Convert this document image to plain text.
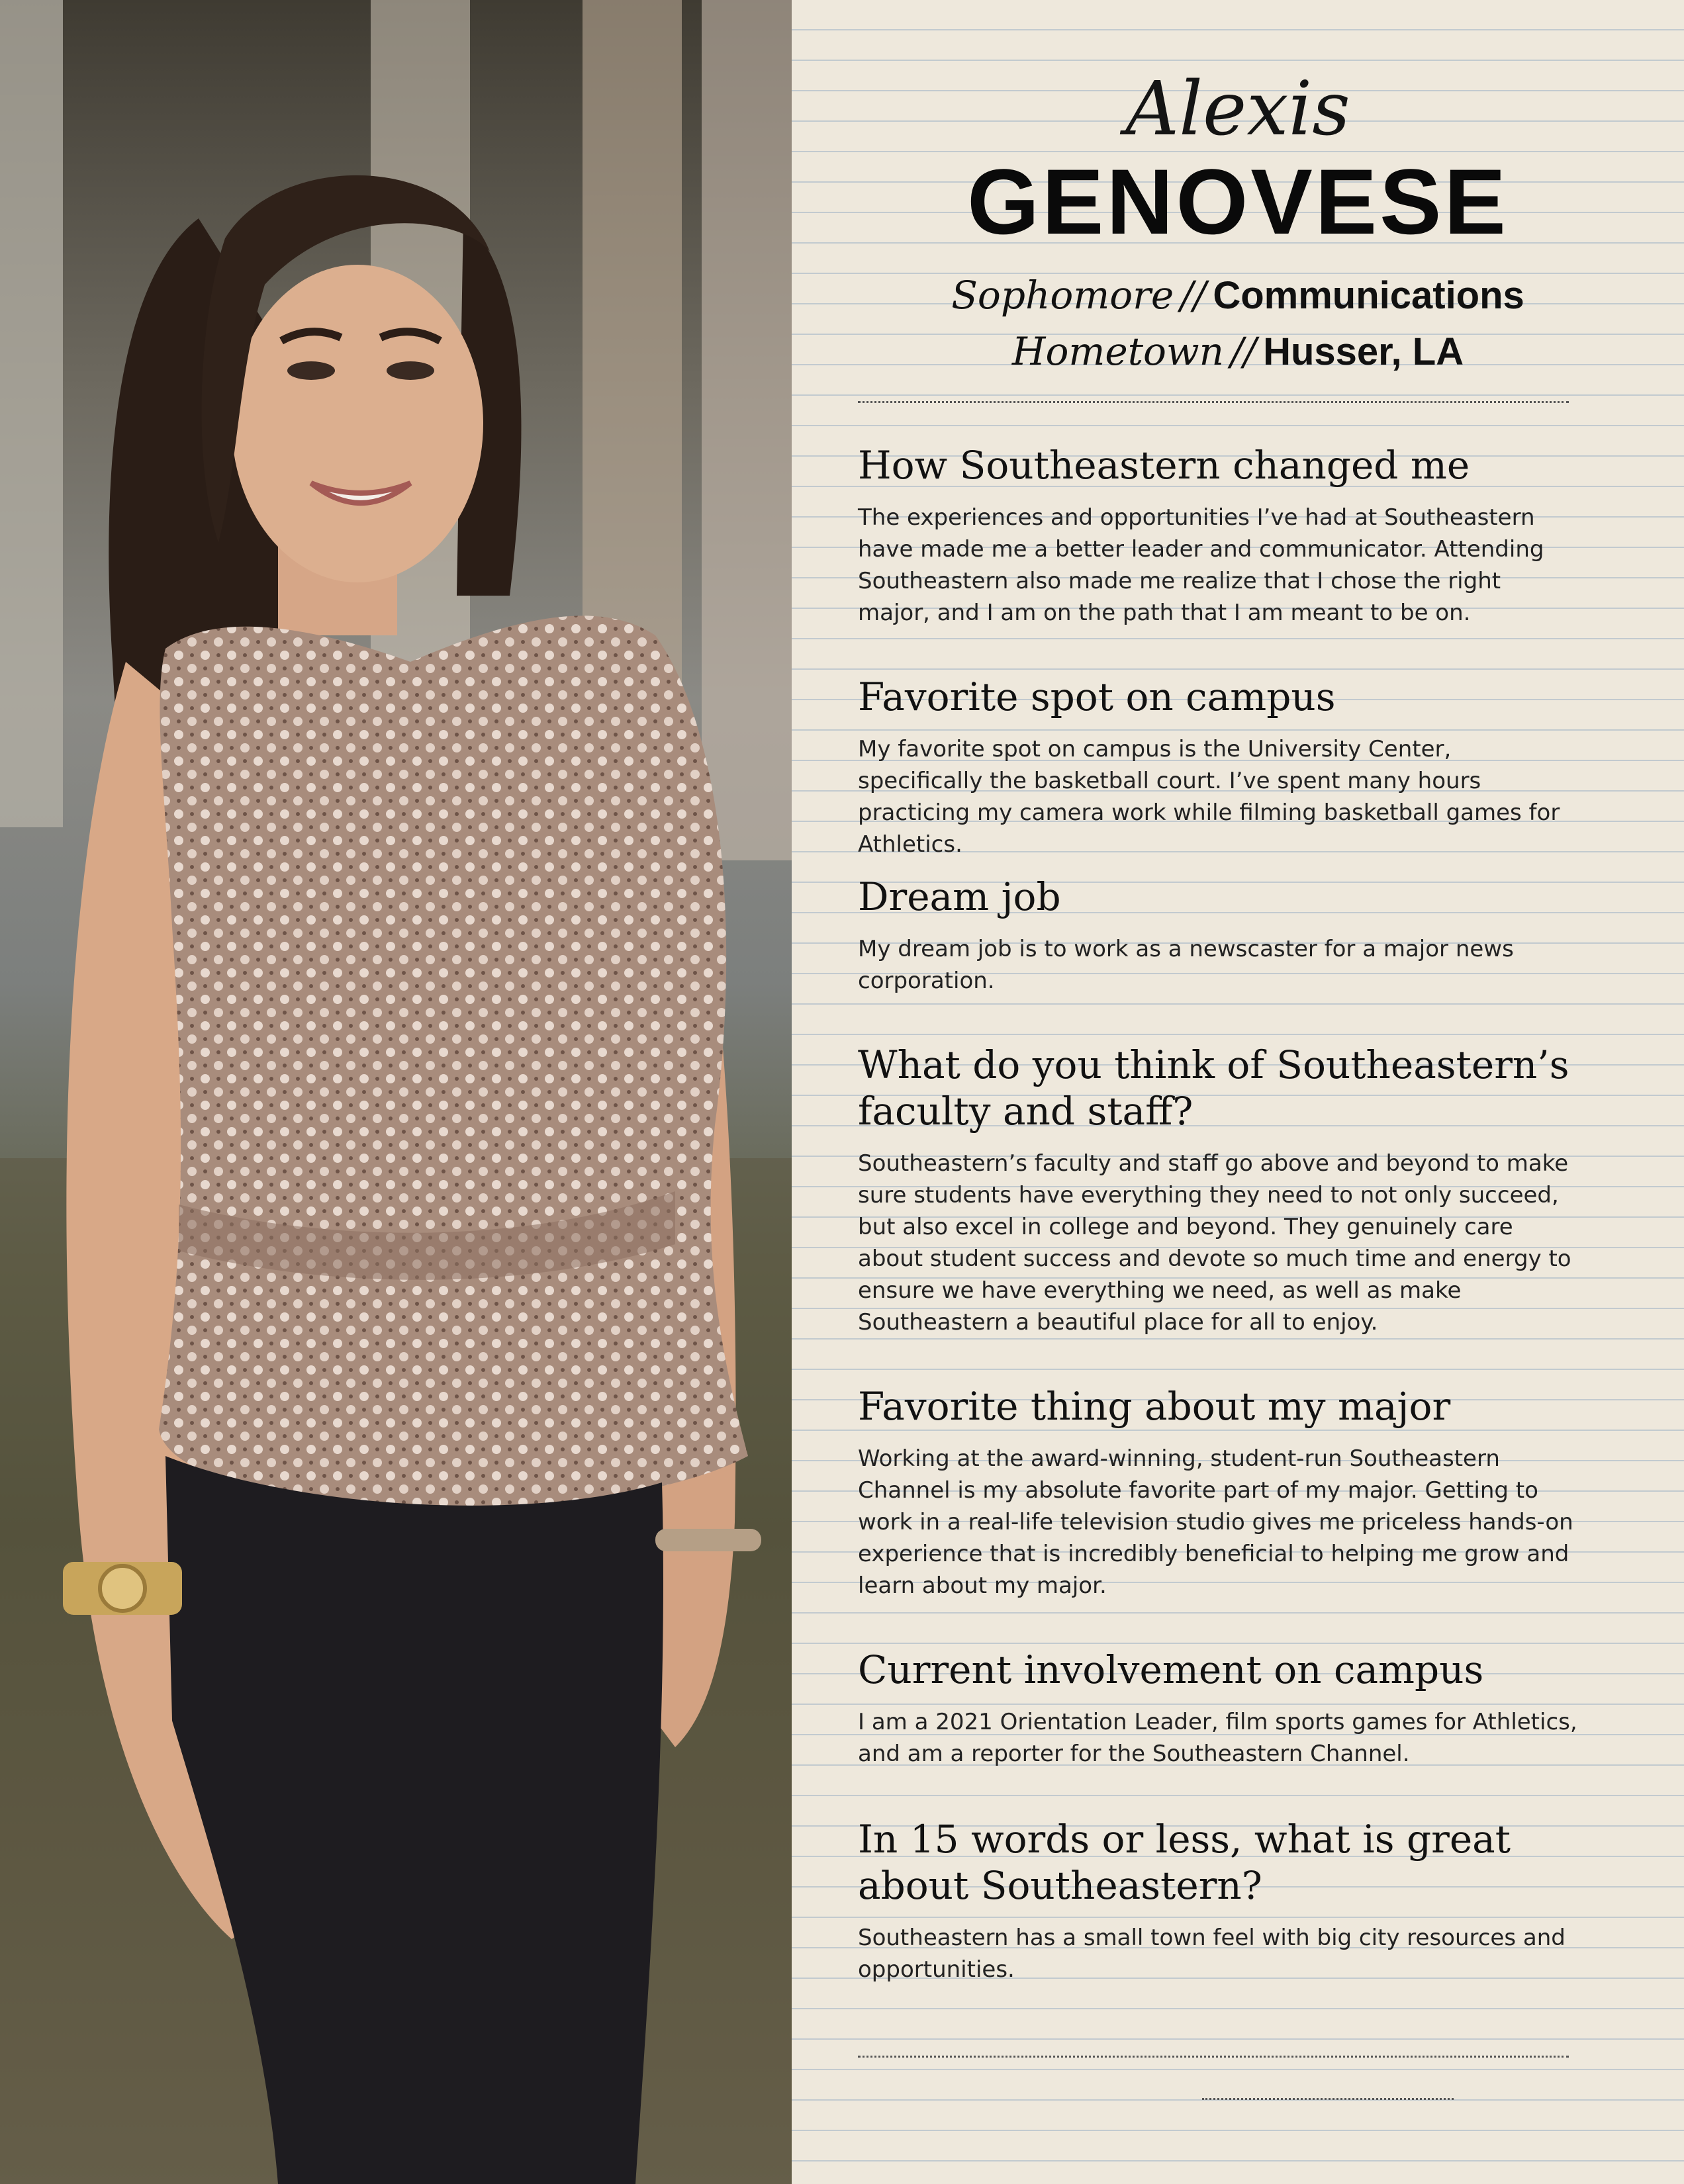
Alexis
GENOVESE
Sophomore // Communications
Hometown // Husser, LA
How Southeastern changed me

The experiences and opportunities I’ve had at Southeastern have made me a better leader and communicator. Attending Southeastern also made me realize that I chose the right major, and I am on the path that I am meant to be on.

Favorite spot on campus

My favorite spot on campus is the University Center, specifically the basketball court. I’ve spent many hours practicing my camera work while filming basketball games for Athletics.

Dream job

My dream job is to work as a newscaster for a major news corporation.

What do you think of Southeastern’s faculty and staff?

Southeastern’s faculty and staff go above and beyond to make sure students have everything they need to not only succeed, but also excel in college and beyond. They genuinely care about student success and devote so much time and energy to ensure we have everything we need, as well as make Southeastern a beautiful place for all to enjoy.

Favorite thing about my major

Working at the award-winning, student-run Southeastern Channel is my absolute favorite part of my major. Getting to work in a real-life television studio gives me priceless hands-on experience that is incredibly beneficial to helping me grow and learn about my major.

Current involvement on campus

I am a 2021 Orientation Leader, film sports games for Athletics, and am a reporter for the Southeastern Channel.

In 15 words or less, what is great about Southeastern?

Southeastern has a small town feel with big city resources and opportunities.
